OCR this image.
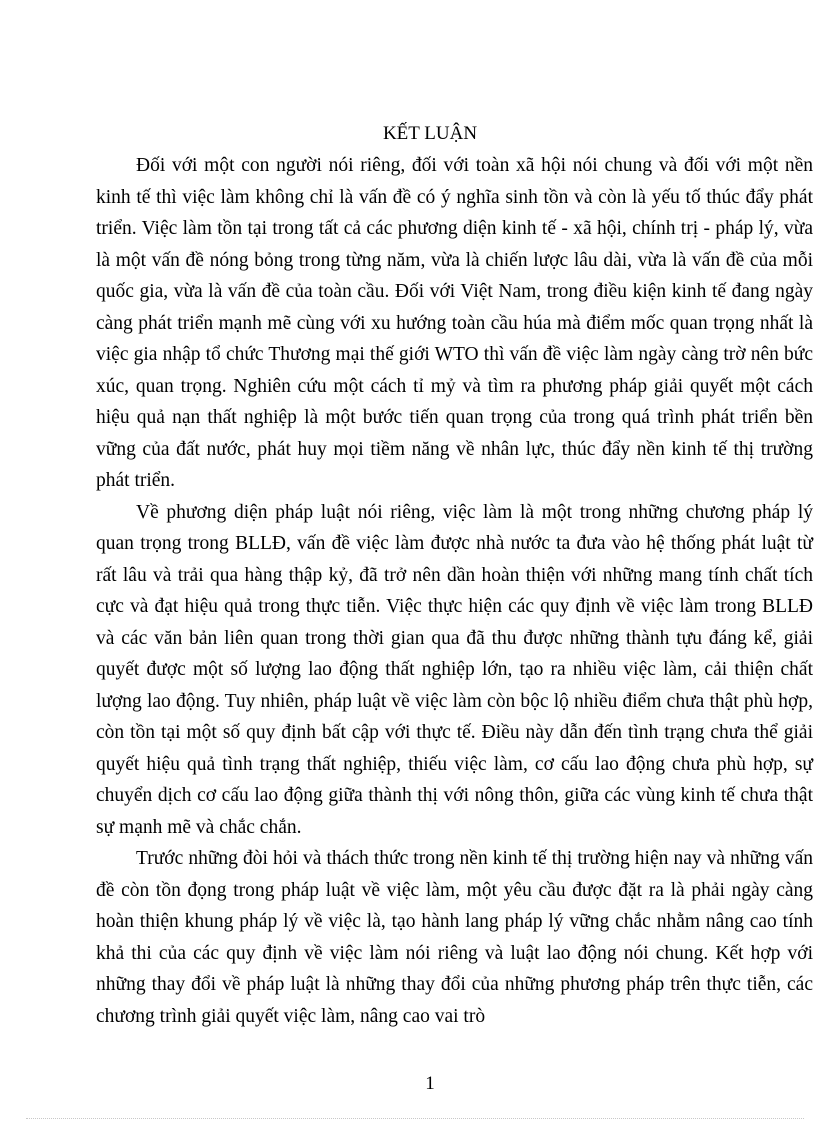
KẾT LUẬN

Đối với một con người nói riêng, đối với toàn xã hội nói chung và đối với một nền kinh tế thì việc làm không chỉ là vấn đề có ý nghĩa sinh tồn và còn là yếu tố thúc đẩy phát triển. Việc làm tồn tại trong tất cả các phương diện kinh tế - xã hội, chính trị - pháp lý, vừa là một vấn đề nóng bỏng trong từng năm, vừa là chiến lược lâu dài, vừa là vấn đề của mỗi quốc gia, vừa là vấn đề của toàn cầu. Đối với Việt Nam, trong điều kiện kinh tế đang ngày càng phát triển mạnh mẽ cùng với xu hướng toàn cầu húa mà điểm mốc quan trọng nhất là việc gia nhập tổ chức Thương mại thế giới WTO thì vấn đề việc làm ngày càng trờ nên bức xúc, quan trọng. Nghiên cứu một cách tỉ mỷ và tìm ra phương pháp giải quyết một cách hiệu quả nạn thất nghiệp là một bước tiến quan trọng của trong quá trình phát triển bền vững của đất nước, phát huy mọi tiềm năng về nhân lực, thúc đẩy nền kinh tế thị trường phát triển.

Về phương diện pháp luật nói riêng, việc làm là một trong những chương pháp lý quan trọng trong BLLĐ, vấn đề việc làm được nhà nước ta đưa vào hệ thống phát luật từ rất lâu và trải qua hàng thập kỷ, đã trở nên dần hoàn thiện với những mang tính chất tích cực và đạt hiệu quả trong thực tiễn. Việc thực hiện các quy định về việc làm trong BLLĐ và các văn bản liên quan trong thời gian qua đã thu được những thành tựu đáng kể, giải quyết được một số lượng lao động thất nghiệp lớn, tạo ra nhiều việc làm, cải thiện chất lượng lao động. Tuy nhiên, pháp luật về việc làm còn bộc lộ nhiều điểm chưa thật phù hợp, còn tồn tại một số quy định bất cập với thực tế. Điều này dẫn đến tình trạng chưa thể giải quyết hiệu quả tình trạng thất nghiệp, thiếu việc làm, cơ cấu lao động chưa phù hợp, sự chuyển dịch cơ cấu lao động giữa thành thị với nông thôn, giữa các vùng kinh tế chưa thật sự mạnh mẽ và chắc chắn.

Trước những đòi hỏi và thách thức trong nền kinh tế thị trường hiện nay và những vấn đề còn tồn đọng trong pháp luật về việc làm, một yêu cầu được đặt ra là phải ngày càng hoàn thiện khung pháp lý về việc là, tạo hành lang pháp lý vững chắc nhằm nâng cao tính khả thi của các quy định về việc làm nói riêng và luật lao động nói chung. Kết hợp với những thay đổi về pháp luật là những thay đổi của những phương pháp trên thực tiễn, các chương trình giải quyết việc làm, nâng cao vai trò

1
